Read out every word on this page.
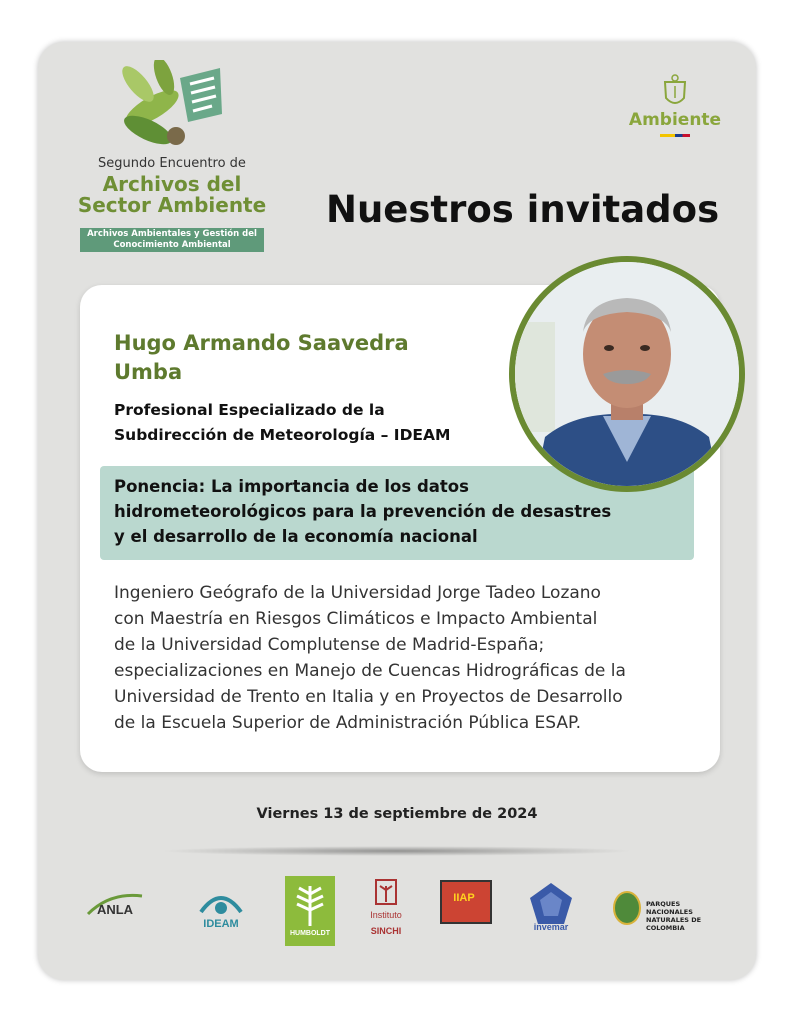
Segundo Encuentro de
Archivos del
Sector Ambiente
Archivos Ambientales y Gestión del
Conocimiento Ambiental
Ambiente
Nuestros invitados
Hugo Armando Saavedra
Umba
Profesional Especializado de la
Subdirección de Meteorología – IDEAM
Ponencia: La importancia de los datos
hidrometeorológicos para la prevención de desastres
y el desarrollo de la economía nacional
Ingeniero Geógrafo de la Universidad Jorge Tadeo Lozano
con Maestría en Riesgos Climáticos e Impacto Ambiental
de la Universidad Complutense de Madrid-España;
especializaciones en Manejo de Cuencas Hidrográficas de la
Universidad de Trento en Italia y en Proyectos de Desarrollo
de la Escuela Superior de Administración Pública ESAP.
Viernes 13 de septiembre de 2024
ANLA
IDEAM
HUMBOLDT
Instituto
SINCHI
IIAP
invemar
PARQUES NACIONALES
NATURALES DE COLOMBIA
